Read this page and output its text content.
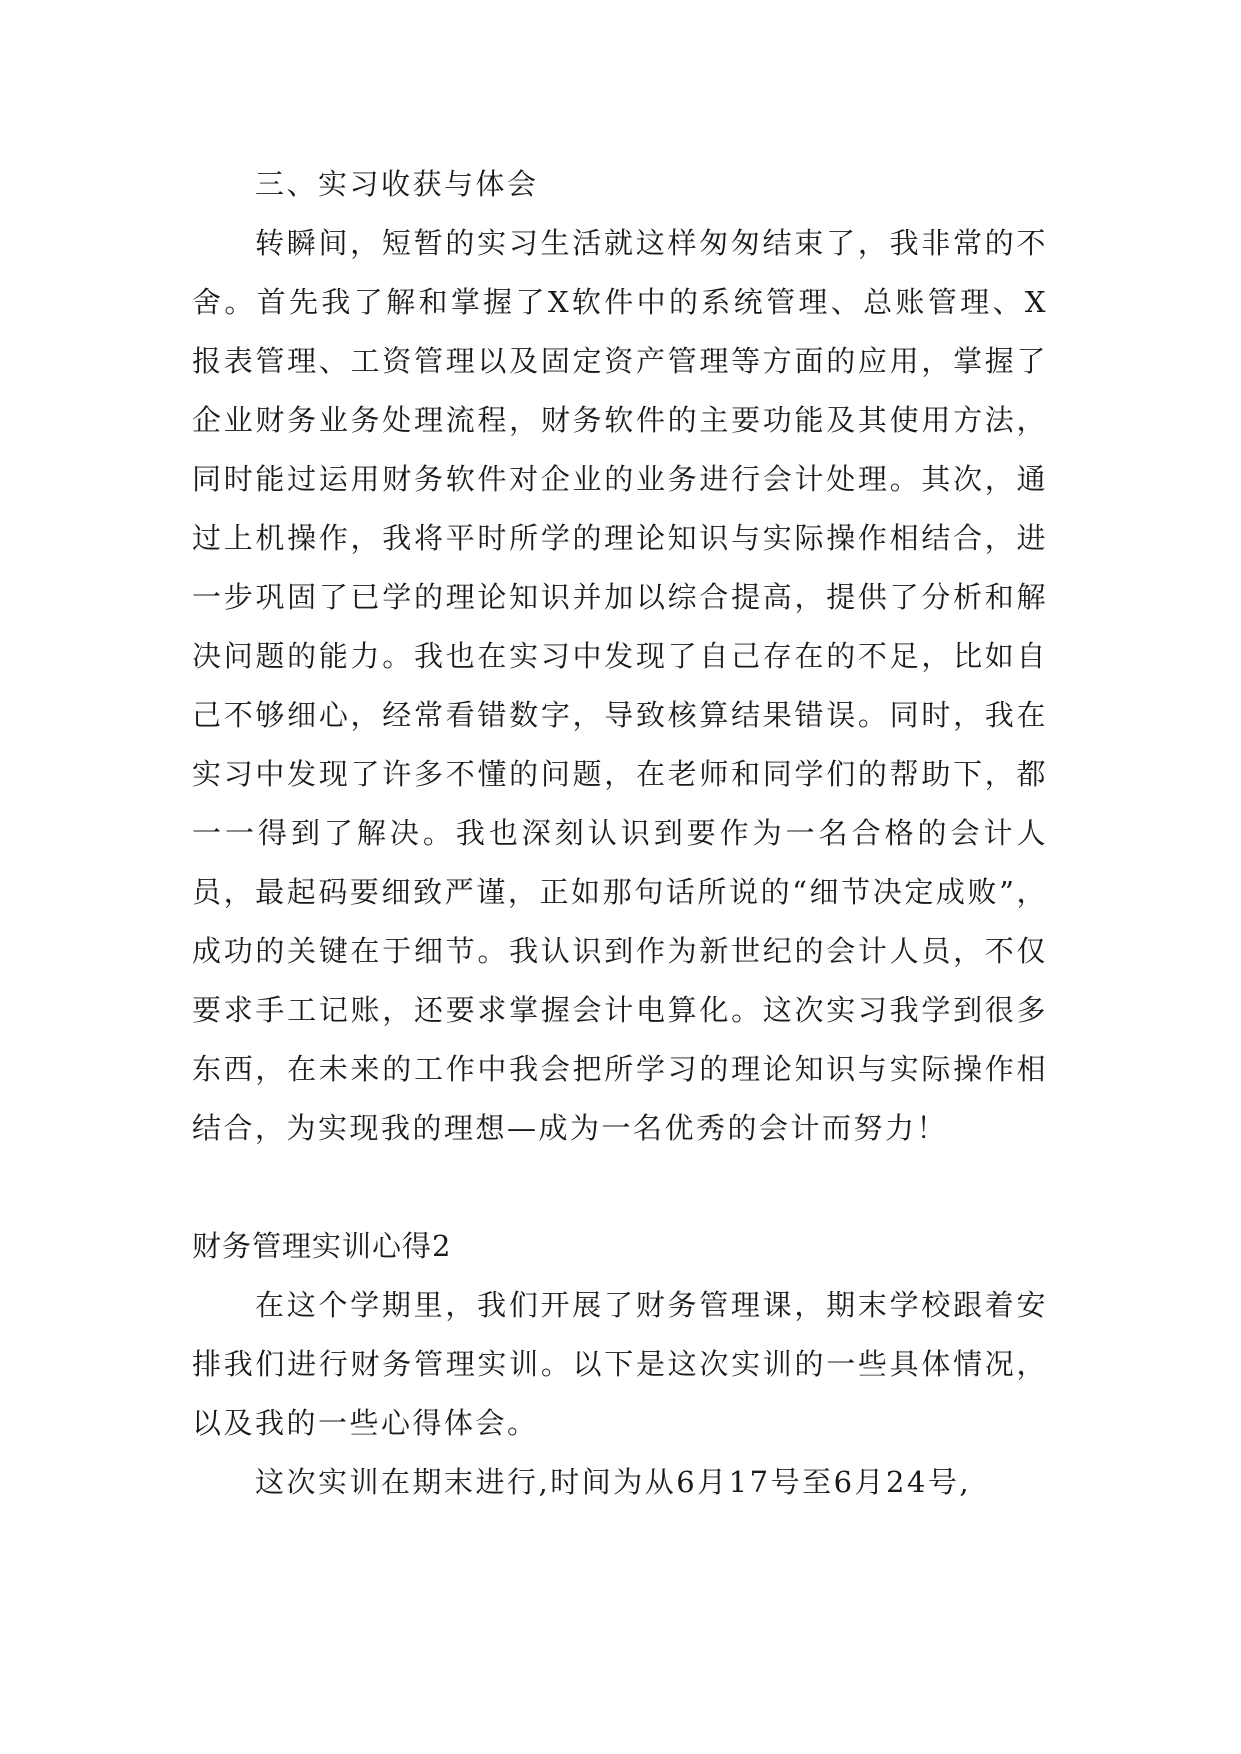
三、实习收获与体会

转瞬间，短暂的实习生活就这样匆匆结束了，我非常的不舍。首先我了解和掌握了X软件中的系统管理、总账管理、X报表管理、工资管理以及固定资产管理等方面的应用，掌握了企业财务业务处理流程，财务软件的主要功能及其使用方法，同时能过运用财务软件对企业的业务进行会计处理。其次，通过上机操作，我将平时所学的理论知识与实际操作相结合，进一步巩固了已学的理论知识并加以综合提高，提供了分析和解决问题的能力。我也在实习中发现了自己存在的不足，比如自己不够细心，经常看错数字，导致核算结果错误。同时，我在实习中发现了许多不懂的问题，在老师和同学们的帮助下，都一一得到了解决。我也深刻认识到要作为一名合格的会计人员，最起码要细致严谨，正如那句话所说的“细节决定成败”，成功的关键在于细节。我认识到作为新世纪的会计人员，不仅要求手工记账，还要求掌握会计电算化。这次实习我学到很多东西，在未来的工作中我会把所学习的理论知识与实际操作相结合，为实现我的理想—成为一名优秀的会计而努力！

财务管理实训心得2

在这个学期里，我们开展了财务管理课，期末学校跟着安排我们进行财务管理实训。以下是这次实训的一些具体情况，以及我的一些心得体会。

这次实训在期末进行,时间为从6月17号至6月24号,
